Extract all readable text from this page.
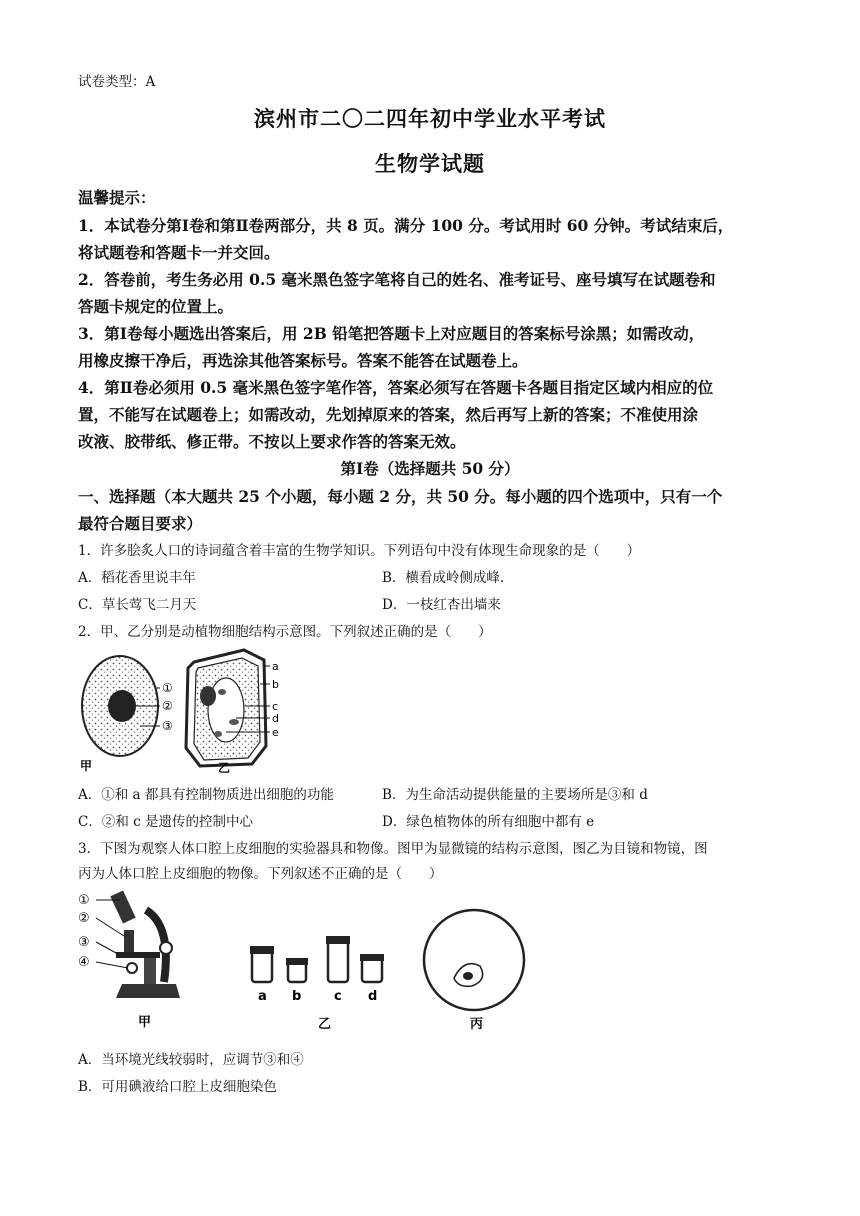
试卷类型：A
滨州市二〇二四年初中学业水平考试
生物学试题
温馨提示：
1．本试卷分第Ⅰ卷和第Ⅱ卷两部分，共 8 页。满分 100 分。考试用时 60 分钟。考试结束后，
将试题卷和答题卡一并交回。
2．答卷前，考生务必用 0.5 毫米黑色签字笔将自己的姓名、准考证号、座号填写在试题卷和
答题卡规定的位置上。
3．第Ⅰ卷每小题选出答案后，用 2B 铅笔把答题卡上对应题目的答案标号涂黑；如需改动，
用橡皮擦干净后，再选涂其他答案标号。答案不能答在试题卷上。
4．第Ⅱ卷必须用 0.5 毫米黑色签字笔作答，答案必须写在答题卡各题目指定区域内相应的位
置，不能写在试题卷上；如需改动，先划掉原来的答案，然后再写上新的答案；不准使用涂
改液、胶带纸、修正带。不按以上要求作答的答案无效。
第Ⅰ卷（选择题共 50 分）
一、选择题（本大题共 25 个小题，每小题 2 分，共 50 分。每小题的四个选项中，只有一个
最符合题目要求）
1．许多脍炙人口的诗词蕴含着丰富的生物学知识。下列语句中没有体现生命现象的是（　　）
A．稻花香里说丰年	B．横看成岭侧成峰.
C．草长莺飞二月天	D．一枝红杏出墙来
2．甲、乙分别是动植物细胞结构示意图。下列叙述正确的是（　　）
①
②
③
甲
a
b
c
d
e
乙
A．①和 a 都具有控制物质进出细胞的功能	B．为生命活动提供能量的主要场所是③和 d
C．②和 c 是遗传的控制中心	D．绿色植物体的所有细胞中都有 e
3．下图为观察人体口腔上皮细胞的实验器具和物像。图甲为显微镜的结构示意图，图乙为目镜和物镜，图
丙为人体口腔上皮细胞的物像。下列叙述不正确的是（　　）
①
②
③
④
甲
a b	c d
乙	丙
A．当环境光线较弱时，应调节③和④
B．可用碘液给口腔上皮细胞染色
